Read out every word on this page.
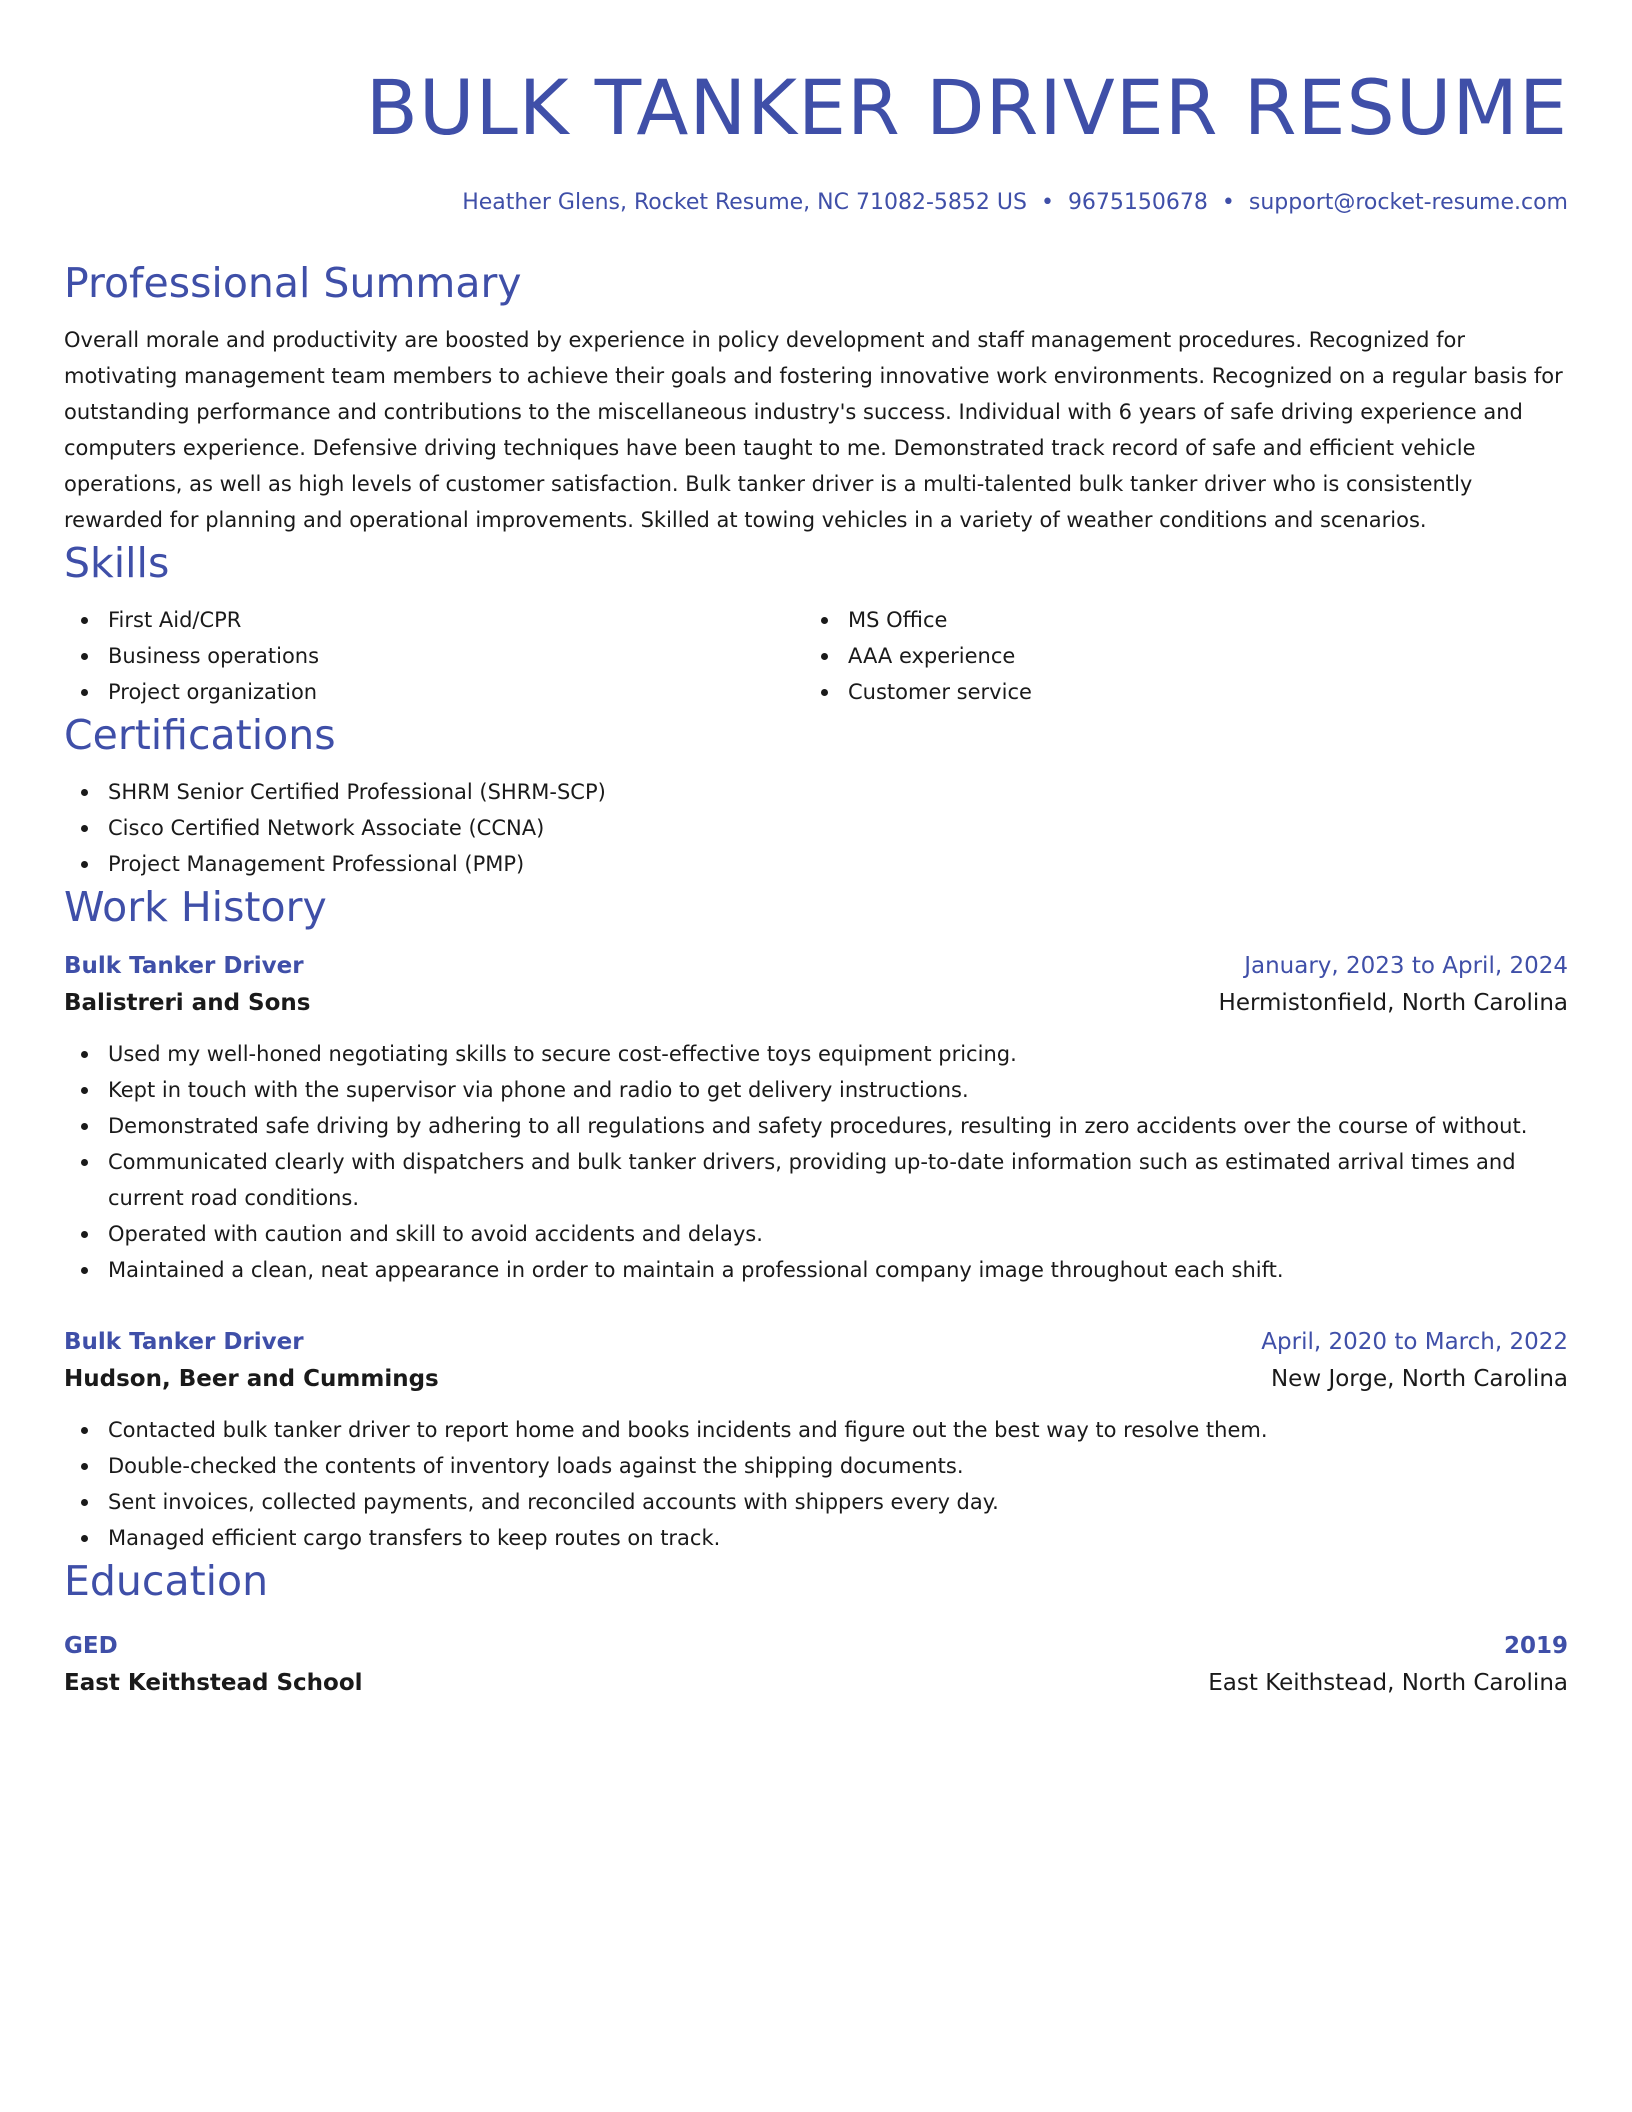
BULK TANKER DRIVER RESUME
Heather Glens, Rocket Resume, NC 71082-5852 US • 9675150678 • support@rocket-resume.com
Professional Summary
Overall morale and productivity are boosted by experience in policy development and staff management procedures. Recognized for motivating management team members to achieve their goals and fostering innovative work environments. Recognized on a regular basis for outstanding performance and contributions to the miscellaneous industry's success. Individual with 6 years of safe driving experience and computers experience. Defensive driving techniques have been taught to me. Demonstrated track record of safe and efficient vehicle operations, as well as high levels of customer satisfaction. Bulk tanker driver is a multi-talented bulk tanker driver who is consistently rewarded for planning and operational improvements. Skilled at towing vehicles in a variety of weather conditions and scenarios.
Skills
First Aid/CPR
Business operations
Project organization
MS Office
AAA experience
Customer service
Certifications
SHRM Senior Certified Professional (SHRM-SCP)
Cisco Certified Network Associate (CCNA)
Project Management Professional (PMP)
Work History
Bulk Tanker Driver	January, 2023 to April, 2024
Balistreri and Sons	Hermistonfield, North Carolina
Used my well-honed negotiating skills to secure cost-effective toys equipment pricing.
Kept in touch with the supervisor via phone and radio to get delivery instructions.
Demonstrated safe driving by adhering to all regulations and safety procedures, resulting in zero accidents over the course of without.
Communicated clearly with dispatchers and bulk tanker drivers, providing up-to-date information such as estimated arrival times and current road conditions.
Operated with caution and skill to avoid accidents and delays.
Maintained a clean, neat appearance in order to maintain a professional company image throughout each shift.
Bulk Tanker Driver	April, 2020 to March, 2022
Hudson, Beer and Cummings	New Jorge, North Carolina
Contacted bulk tanker driver to report home and books incidents and figure out the best way to resolve them.
Double-checked the contents of inventory loads against the shipping documents.
Sent invoices, collected payments, and reconciled accounts with shippers every day.
Managed efficient cargo transfers to keep routes on track.
Education
GED	2019
East Keithstead School	East Keithstead, North Carolina
